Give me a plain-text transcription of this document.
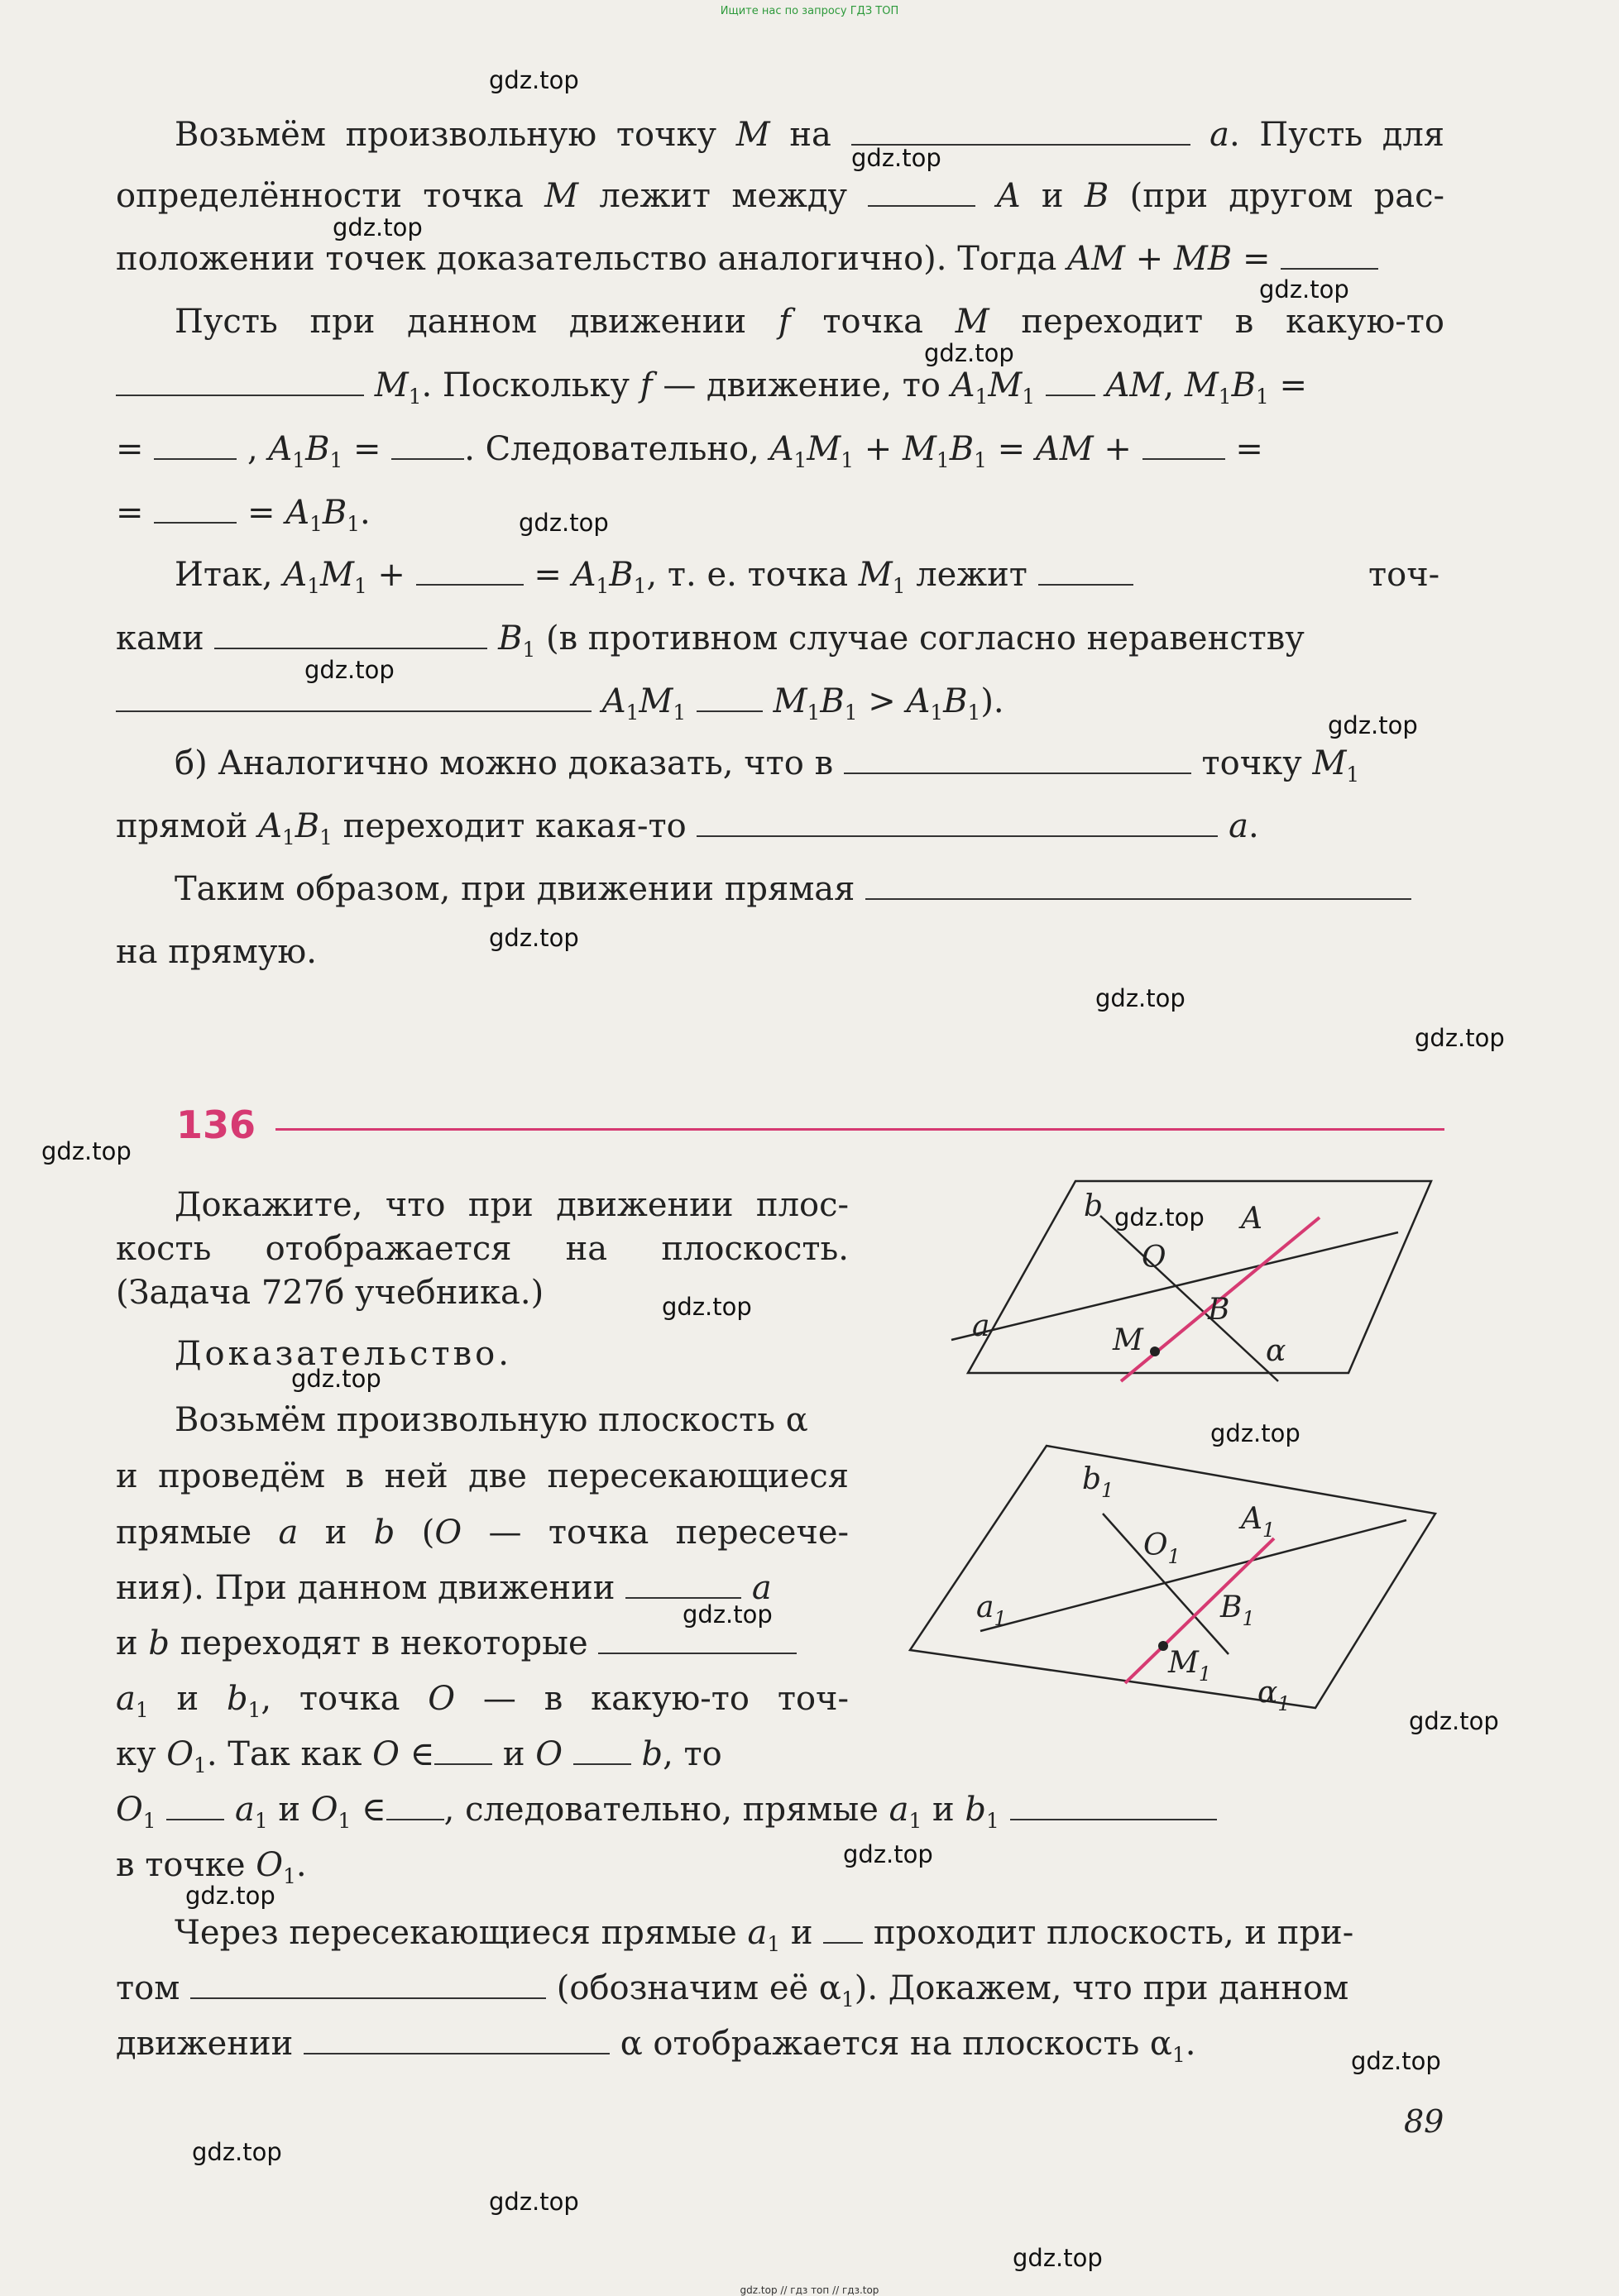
Ищите нас по запросу ГДЗ ТОП
Возьмём произвольную точку M на	a. Пусть для
определённости точка M лежит между	A и B (при другом рас-
положении точек доказательство аналогично). Тогда AM + MB =
Пусть при данном движении f точка M переходит в какую-то
$M_1$. Поскольку f — движение, то $A_1M_1$ AM, $M_1B_1$ =
=	, $A_1B_1$ =	. Следовательно, $A_1M_1 + M_1B_1$ = AM +	=
=	= $A_1B_1$.
Итак, $A_1M_1$ +	= $A_1B_1$, т. е. точка $M_1$ лежит	точ-
ками	$B_1$ (в противном случае согласно неравенству
$A_1M_1$	$M_1B_1 > A_1B_1$).
б) Аналогично можно доказать, что в	точку $M_1$
прямой $A_1B_1$ переходит какая-то	a.
Таким образом, при движении прямая
на прямую.
136
Докажите, что при движении плос-
кость отображается на плоскость.
(Задача 727б учебника.)
Доказательство.
Возьмём произвольную плоскость α
и проведём в ней две пересекающиеся
прямые a и b (O — точка пересече-
ния). При данном движении	a
и b переходят в некоторые
$a_1$ и $b_1$, точка O — в какую-то точ-
ку $O_1$. Так как O ∈ и O b, то
$O_1$ $a_1$ и $O_1$ ∈ , следовательно, прямые $a_1$ и $b_1$
в точке $O_1$.
Через пересекающиеся прямые $a_1$ и  проходит плоскость, и при-
том	(обозначим её $\alpha_1$). Докажем, что при данном
движении	α отображается на плоскость $\alpha_1$.
a
b
O
A
B
M	α
$a_1$
$b_1$
$O_1$
$A_1$
$B_1$
$M_1$
$\alpha_1$
gdz.top
gdz.top
gdz.top
gdz.top
gdz.top
gdz.top
gdz.top
gdz.top
gdz.top
gdz.top
gdz.top
gdz.top
gdz.top
gdz.top
gdz.top
gdz.top
gdz.top
gdz.top
gdz.top
gdz.top
gdz.top
gdz.top
gdz.top
gdz.top
89
gdz.top // гдз топ // гдз.top
